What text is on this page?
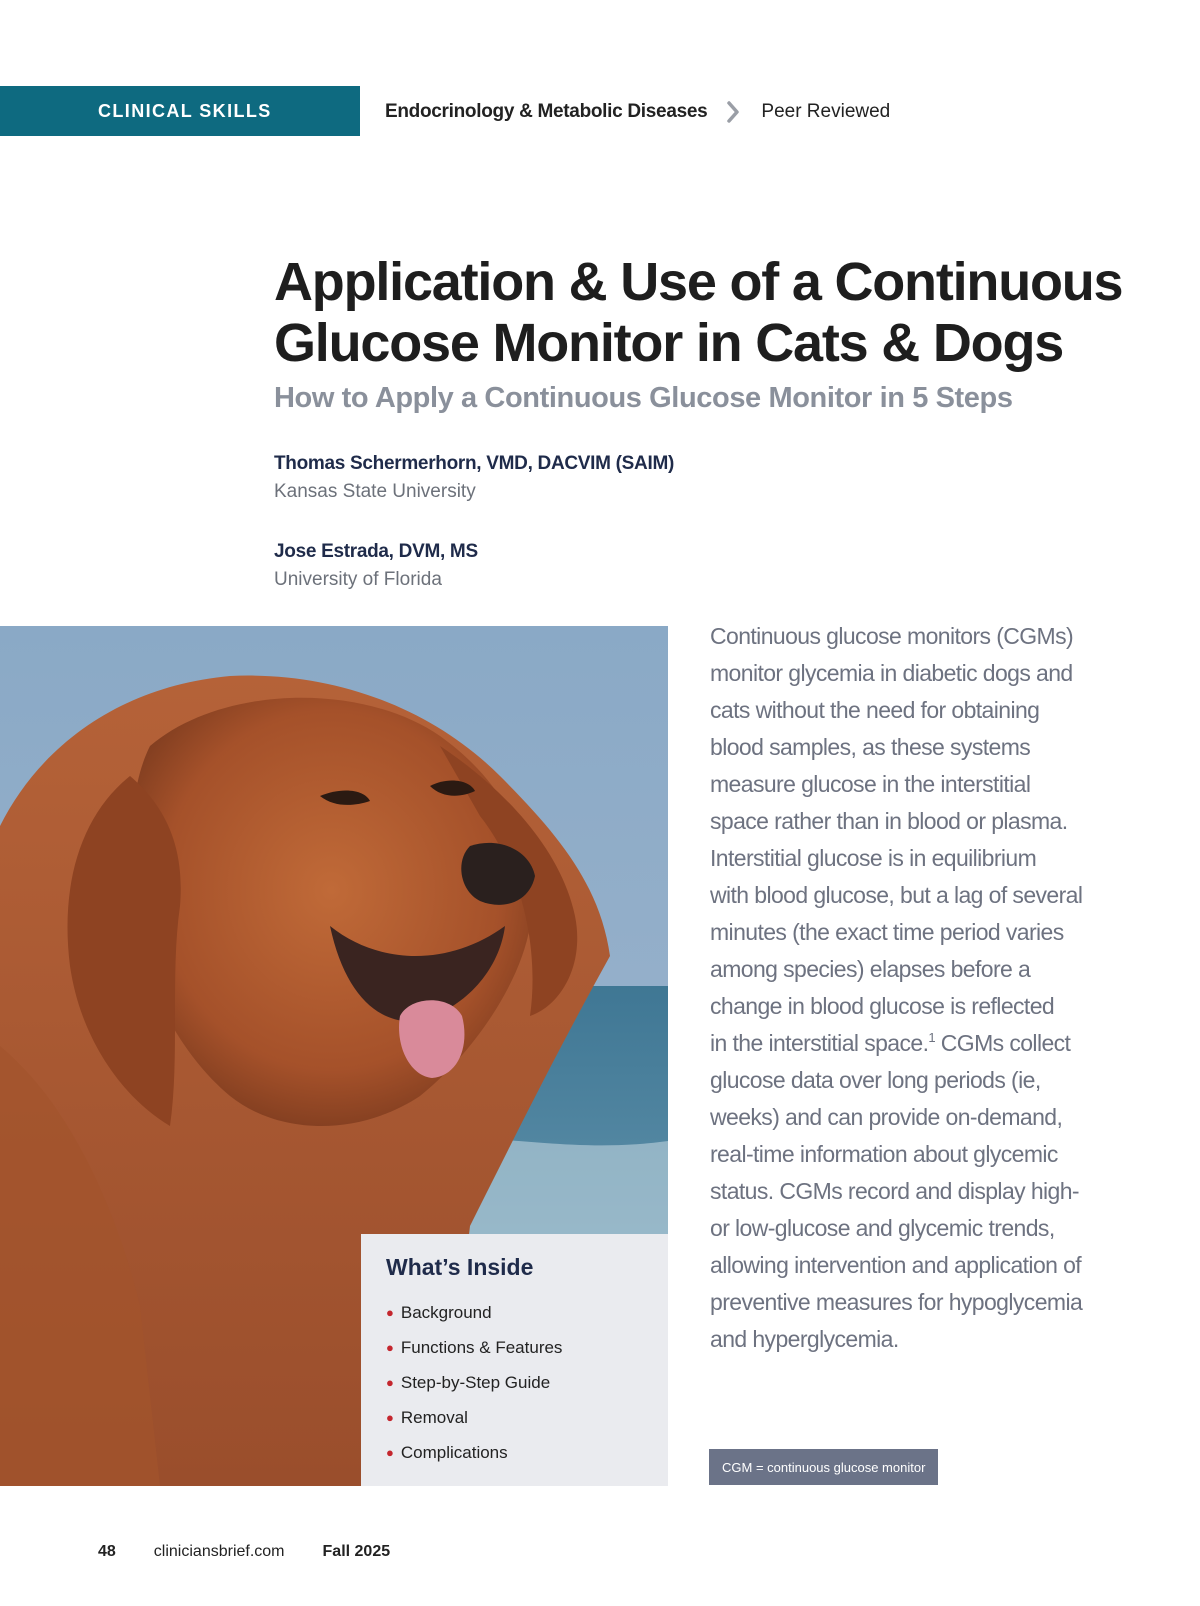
CLINICAL SKILLS	Endocrinology & Metabolic Diseases	Peer Reviewed
Application & Use of a Continuous
Glucose Monitor in Cats & Dogs
How to Apply a Continuous Glucose Monitor in 5 Steps
Thomas Schermerhorn, VMD, DACVIM (SAIM)
Kansas State University
Jose Estrada, DVM, MS
University of Florida
What’s Inside
● Background
● Functions & Features
● Step-by-Step Guide
● Removal
● Complications

Continuous glucose monitors (CGMs)
monitor glycemia in diabetic dogs and
cats without the need for obtaining
blood samples, as these systems
measure glucose in the interstitial
space rather than in blood or plasma.
Interstitial glucose is in equilibrium
with blood glucose, but a lag of several
minutes (the exact time period varies
among species) elapses before a
change in blood glucose is reflected
in the interstitial space.$^1$ CGMs collect
glucose data over long periods (ie,
weeks) and can provide on-demand,
real-time information about glycemic
status. CGMs record and display high-
or low-glucose and glycemic trends,
allowing intervention and application of
preventive measures for hypoglycemia
and hyperglycemia.

CGM = continuous glucose monitor
48 cliniciansbrief.com Fall 2025
